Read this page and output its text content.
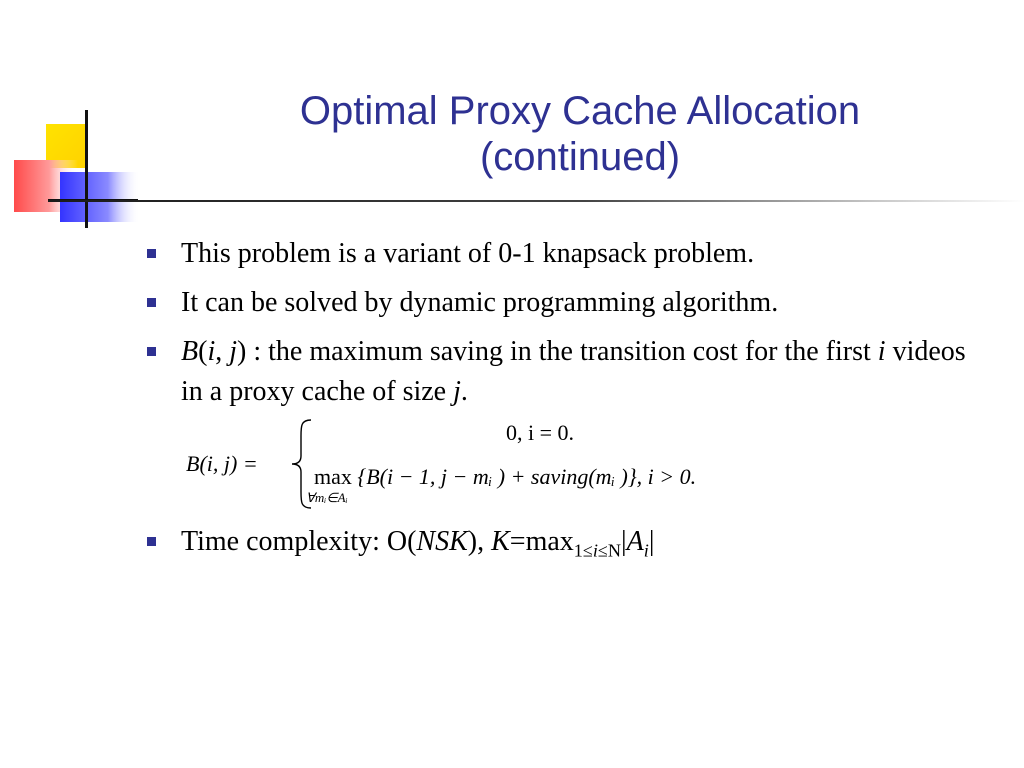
Optimal Proxy Cache Allocation
(continued)
This problem is a variant of 0-1 knapsack problem.
It can be solved by dynamic programming algorithm.
B(i, j) : the maximum saving in the transition cost for the first i videos in a proxy cache of size j.
Time complexity: O(NSK), $K=\max_{1\le i\le N}|A_i|$
B(i, j) =
0, i = 0.
max
∀mᵢ∈Aᵢ
{B(i − 1, j − mᵢ ) + saving(mᵢ )}, i > 0.
